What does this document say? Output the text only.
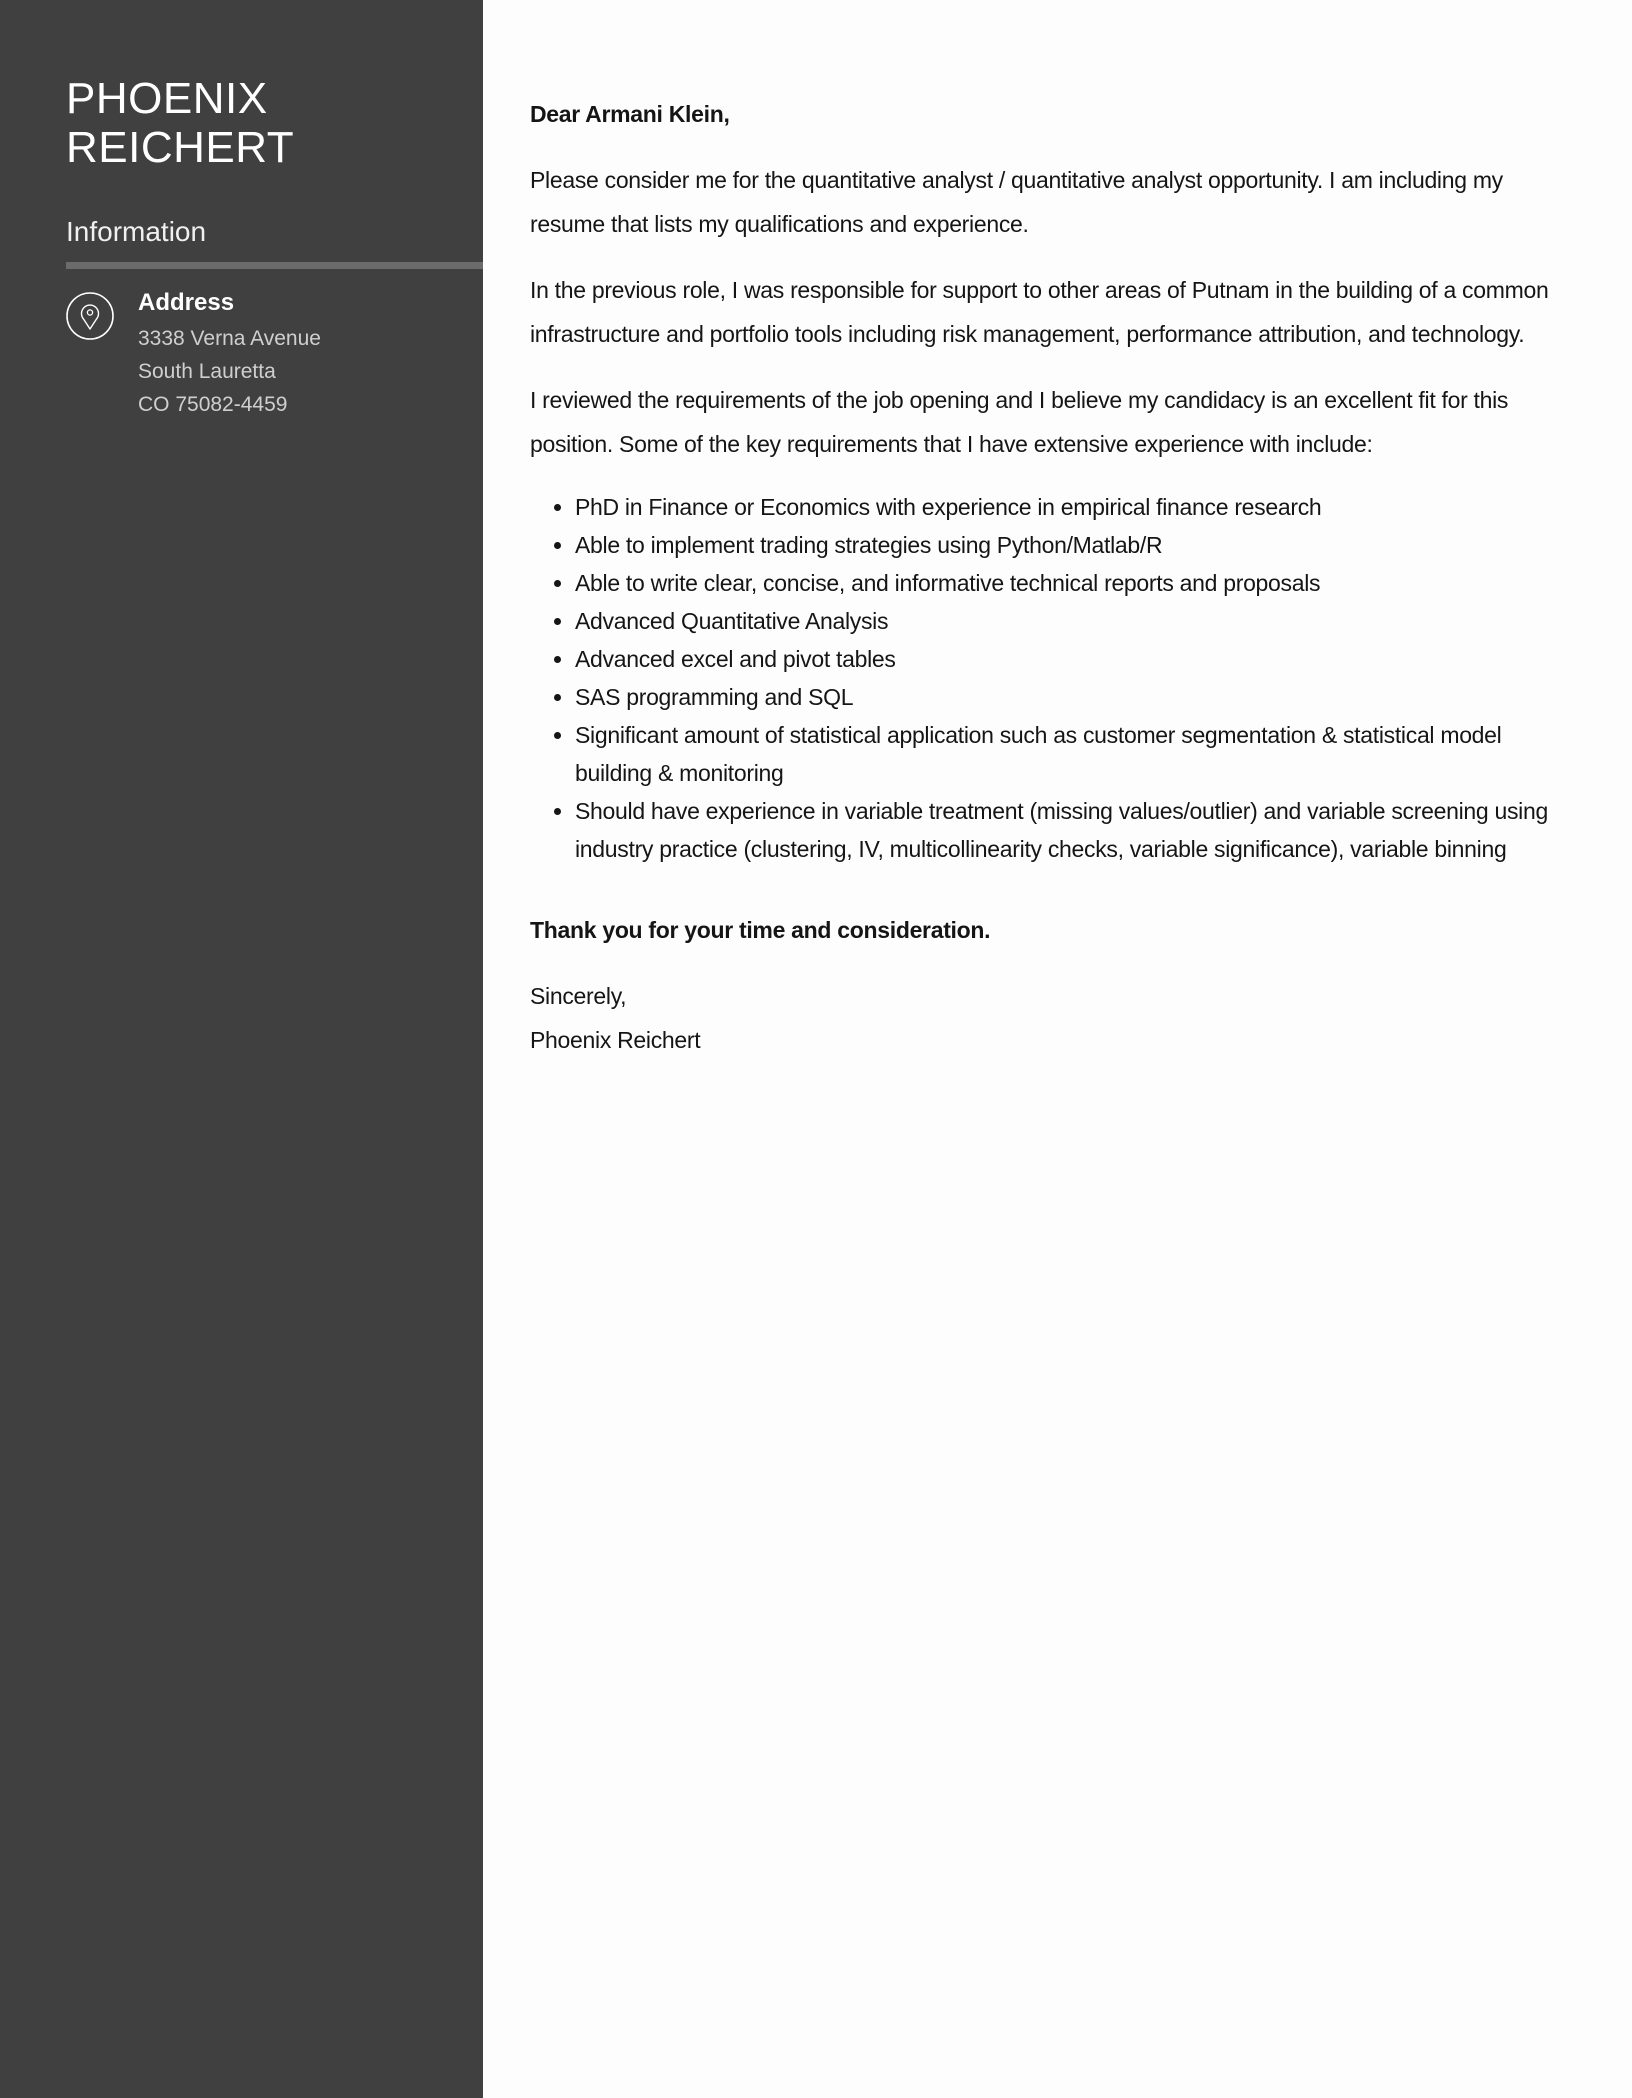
PHOENIX
REICHERT
Information
Address
3338 Verna Avenue
South Lauretta
CO 75082-4459

Dear Armani Klein,

Please consider me for the quantitative analyst / quantitative analyst opportunity. I am including my resume that lists my qualifications and experience.

In the previous role, I was responsible for support to other areas of Putnam in the building of a common infrastructure and portfolio tools including risk management, performance attribution, and technology.

I reviewed the requirements of the job opening and I believe my candidacy is an excellent fit for this position. Some of the key requirements that I have extensive experience with include:

• PhD in Finance or Economics with experience in empirical finance research
• Able to implement trading strategies using Python/Matlab/R
• Able to write clear, concise, and informative technical reports and proposals
• Advanced Quantitative Analysis
• Advanced excel and pivot tables
• SAS programming and SQL
• Significant amount of statistical application such as customer segmentation & statistical model building & monitoring
• Should have experience in variable treatment (missing values/outlier) and variable screening using industry practice (clustering, IV, multicollinearity checks, variable significance), variable binning

Thank you for your time and consideration.

Sincerely,

Phoenix Reichert
